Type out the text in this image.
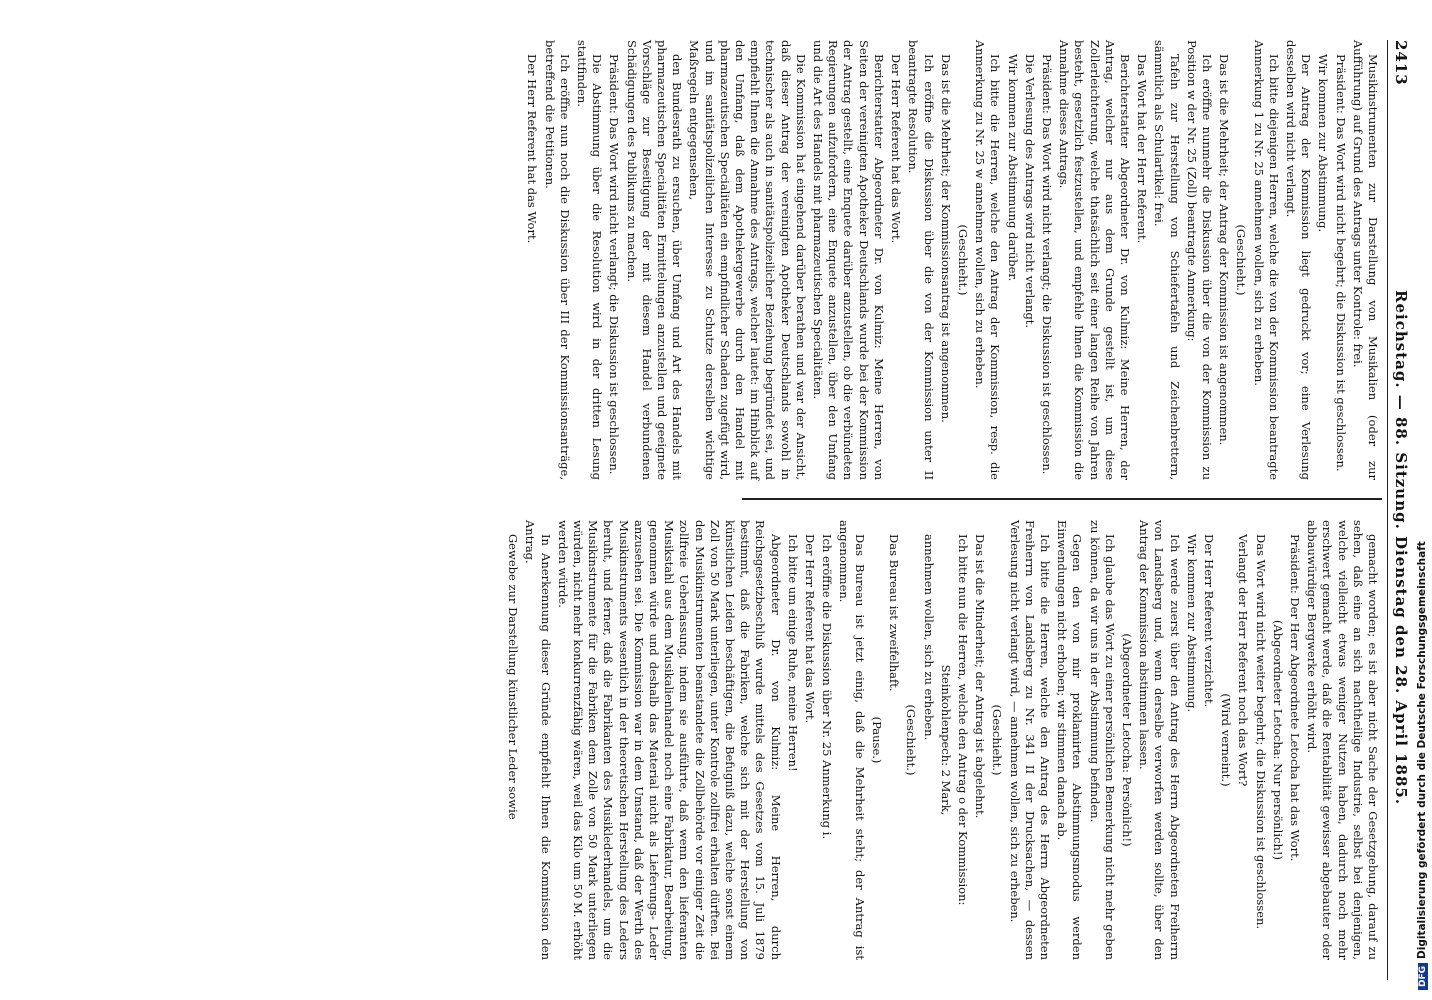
2413
Reichstag. — 88. Sitzung. Dienstag den 28. April 1885.

Musikinstrumenten zur Darstellung von Musikalien (oder zur Aufführung) auf Grund des Antrags unter Kontrole: frei.

Präsident: Das Wort wird nicht begehrt; die Diskussion ist geschlossen.

Wir kommen zur Abstimmung.

Der Antrag der Kommission liegt gedruckt vor; eine Verlesung desselben wird nicht verlangt.

Ich bitte diejenigen Herren, welche die von der Kommission beantragte Anmerkung 1 zu Nr. 25 annehmen wollen, sich zu erheben.

(Geschieht.)

Das ist die Mehrheit; der Antrag der Kommission ist angenommen.

Ich eröffne nunmehr die Diskussion über die von der Kommission zu Position w der Nr. 25 (Zoll) beantragte Anmerkung:

Tafeln zur Herstellung von Schiefertafeln und Zeichenbrettern, sämmtlich als Schulartikel: frei.

Das Wort hat der Herr Referent.

Berichterstatter Abgeordneter Dr. von Kulmiz: Meine Herren, der Antrag, welcher nur aus dem Grunde gestellt ist, um diese Zollerleichterung, welche thatsächlich seit einer langen Reihe von Jahren besteht, gesetzlich festzustellen, und empfehle Ihnen die Kommission die Annahme dieses Antrags.

Präsident: Das Wort wird nicht verlangt; die Diskussion ist geschlossen.

Die Verlesung des Antrags wird nicht verlangt.

Wir kommen zur Abstimmung darüber.

Ich bitte die Herren, welche den Antrag der Kommission, resp. die Anmerkung zu Nr. 25 w annehmen wollen, sich zu erheben.

(Geschieht.)

Das ist die Mehrheit; der Kommissionsantrag ist angenommen.

Ich eröffne die Diskussion über die von der Kommission unter II beantragte Resolution.

Der Herr Referent hat das Wort.

Berichterstatter Abgeordneter Dr. von Kulmiz: Meine Herren, von Seiten der vereinigten Apotheker Deutschlands wurde bei der Kommission der Antrag gestellt, eine Enquete darüber anzustellen, ob die verbündeten Regierungen aufzufordern, eine Enquete anzustellen, über den Umfang und die Art des Handels mit pharmazeutischen Specialitäten.

Die Kommission hat eingehend darüber berathen und war der Ansicht, daß dieser Antrag der vereinigten Apotheker Deutschlands sowohl in technischer als auch in sanitätspolizeilicher Beziehung begründet sei, und empfiehlt Ihnen die Annahme des Antrags, welcher lautet: im Hinblick auf den Umfang, daß dem Apothekergewerbe durch den Handel mit pharmazeutischen Specialitäten ein empfindlicher Schaden zugefügt wird, und im sanitätspolizeilichen Interesse zu Schutze derselben wichtige Maßregeln entgegensehen,

den Bundesrath zu ersuchen, über Umfang und Art des Handels mit pharmazeutischen Specialitäten Ermittelungen anzustellen und geeignete Vorschläge zur Beseitigung der mit diesem Handel verbundenen Schädigungen des Publikums zu machen.

Präsident: Das Wort wird nicht verlangt; die Diskussion ist geschlossen.

Die Abstimmung über die Resolution wird in der dritten Lesung stattfinden.

Ich eröffne nun noch die Diskussion über III der Kommissionsanträge, betreffend die Petitionen.

Der Herr Referent hat das Wort.

gemacht worden; es ist aber nicht Sache der Gesetzgebung, darauf zu sehen, daß eine an sich nachtheilige Industrie, selbst bei denjenigen, welche vielleicht etwas weniger Nutzen haben, dadurch noch mehr erschwert gemacht werde, daß die Rentabilität gewisser abgebauter oder abbauwürdiger Bergwerke erhöht wird.

Präsident: Der Herr Abgeordnete Letocha hat das Wort.

(Abgeordneter Letocha: Nur persönlich!)

Das Wort wird nicht weiter begehrt; die Diskussion ist geschlossen.

Verlangt der Herr Referent noch das Wort?

(Wird verneint.)

Der Herr Referent verzichtet.

Wir kommen zur Abstimmung.

Ich werde zuerst über den Antrag des Herrn Abgeordneten Freiherrn von Landsberg und, wenn derselbe verworfen werden sollte, über den Antrag der Kommission abstimmen lassen.

(Abgeordneter Letocha: Persönlich!)

Ich glaube das Wort zu einer persönlichen Bemerkung nicht mehr geben zu können, da wir uns in der Abstimmung befinden.

Gegen den von mir proklamirten Abstimmungsmodus werden Einwendungen nicht erhoben; wir stimmen danach ab.

Ich bitte die Herren, welche den Antrag des Herrn Abgeordneten Freiherrn von Landsberg zu Nr. 341 II der Drucksachen, — dessen Verlesung nicht verlangt wird, — annehmen wollen, sich zu erheben.

(Geschieht.)

Das ist die Minderheit; der Antrag ist abgelehnt.

Ich bitte nun die Herren, welche den Antrag o der Kommission:

Steinkohlenpech: 2 Mark,

annehmen wollen, sich zu erheben.

(Geschieht.)

Das Bureau ist zweifelhaft.

(Pause.)

Das Bureau ist jetzt einig, daß die Mehrheit steht; der Antrag ist angenommen.

Ich eröffne die Diskussion über Nr. 25 Anmerkung i.

Der Herr Referent hat das Wort.

Ich bitte um einige Ruhe, meine Herren!

Abgeordneter Dr. von Kulmiz: Meine Herren, durch Reichsgesetzbeschluß wurde mittels des Gesetzes vom 15. Juli 1879 bestimmt, daß die Fabriken, welche sich mit der Herstellung von künstlichen Leiden beschäftigen, die Befugniß dazu, welche sonst einem Zoll von 50 Mark unterliegen, unter Kontrole zollfrei erhalten dürften. Bei den Musikinstrumenten beanstandete die Zollbehörde vor einiger Zeit die zollfreie Ueberlassung, indem sie ausführte, daß wenn den lieferanten Musikstahl aus dem Musikalienhandel noch eine Fabrikatur, Bearbeitung, genommen würde und deshalb das Material nicht als Lieferungs- Leder anzusehen sei. Die Kommission war in dem Umstand, daß der Werth des Musikinstruments wesentlich in der theoretischen Herstellung des Leders beruht, und ferner, daß die Fabrikanten des Musiklederhandels, um die Musikinstrumente für die Fabriken dem Zolle von 50 Mark unterliegen würden, nicht mehr konkurrenzfähig wären, weil das Kilo um 50 M. erhöht werden würde.

In Anerkennung dieser Gründe empfiehlt Ihnen die Kommission den Antrag.

Gewebe zur Darstellung künstlicher Leder sowie

DFGDigitalisierung gefördert durch die Deutsche Forschungsgemeinschaft
